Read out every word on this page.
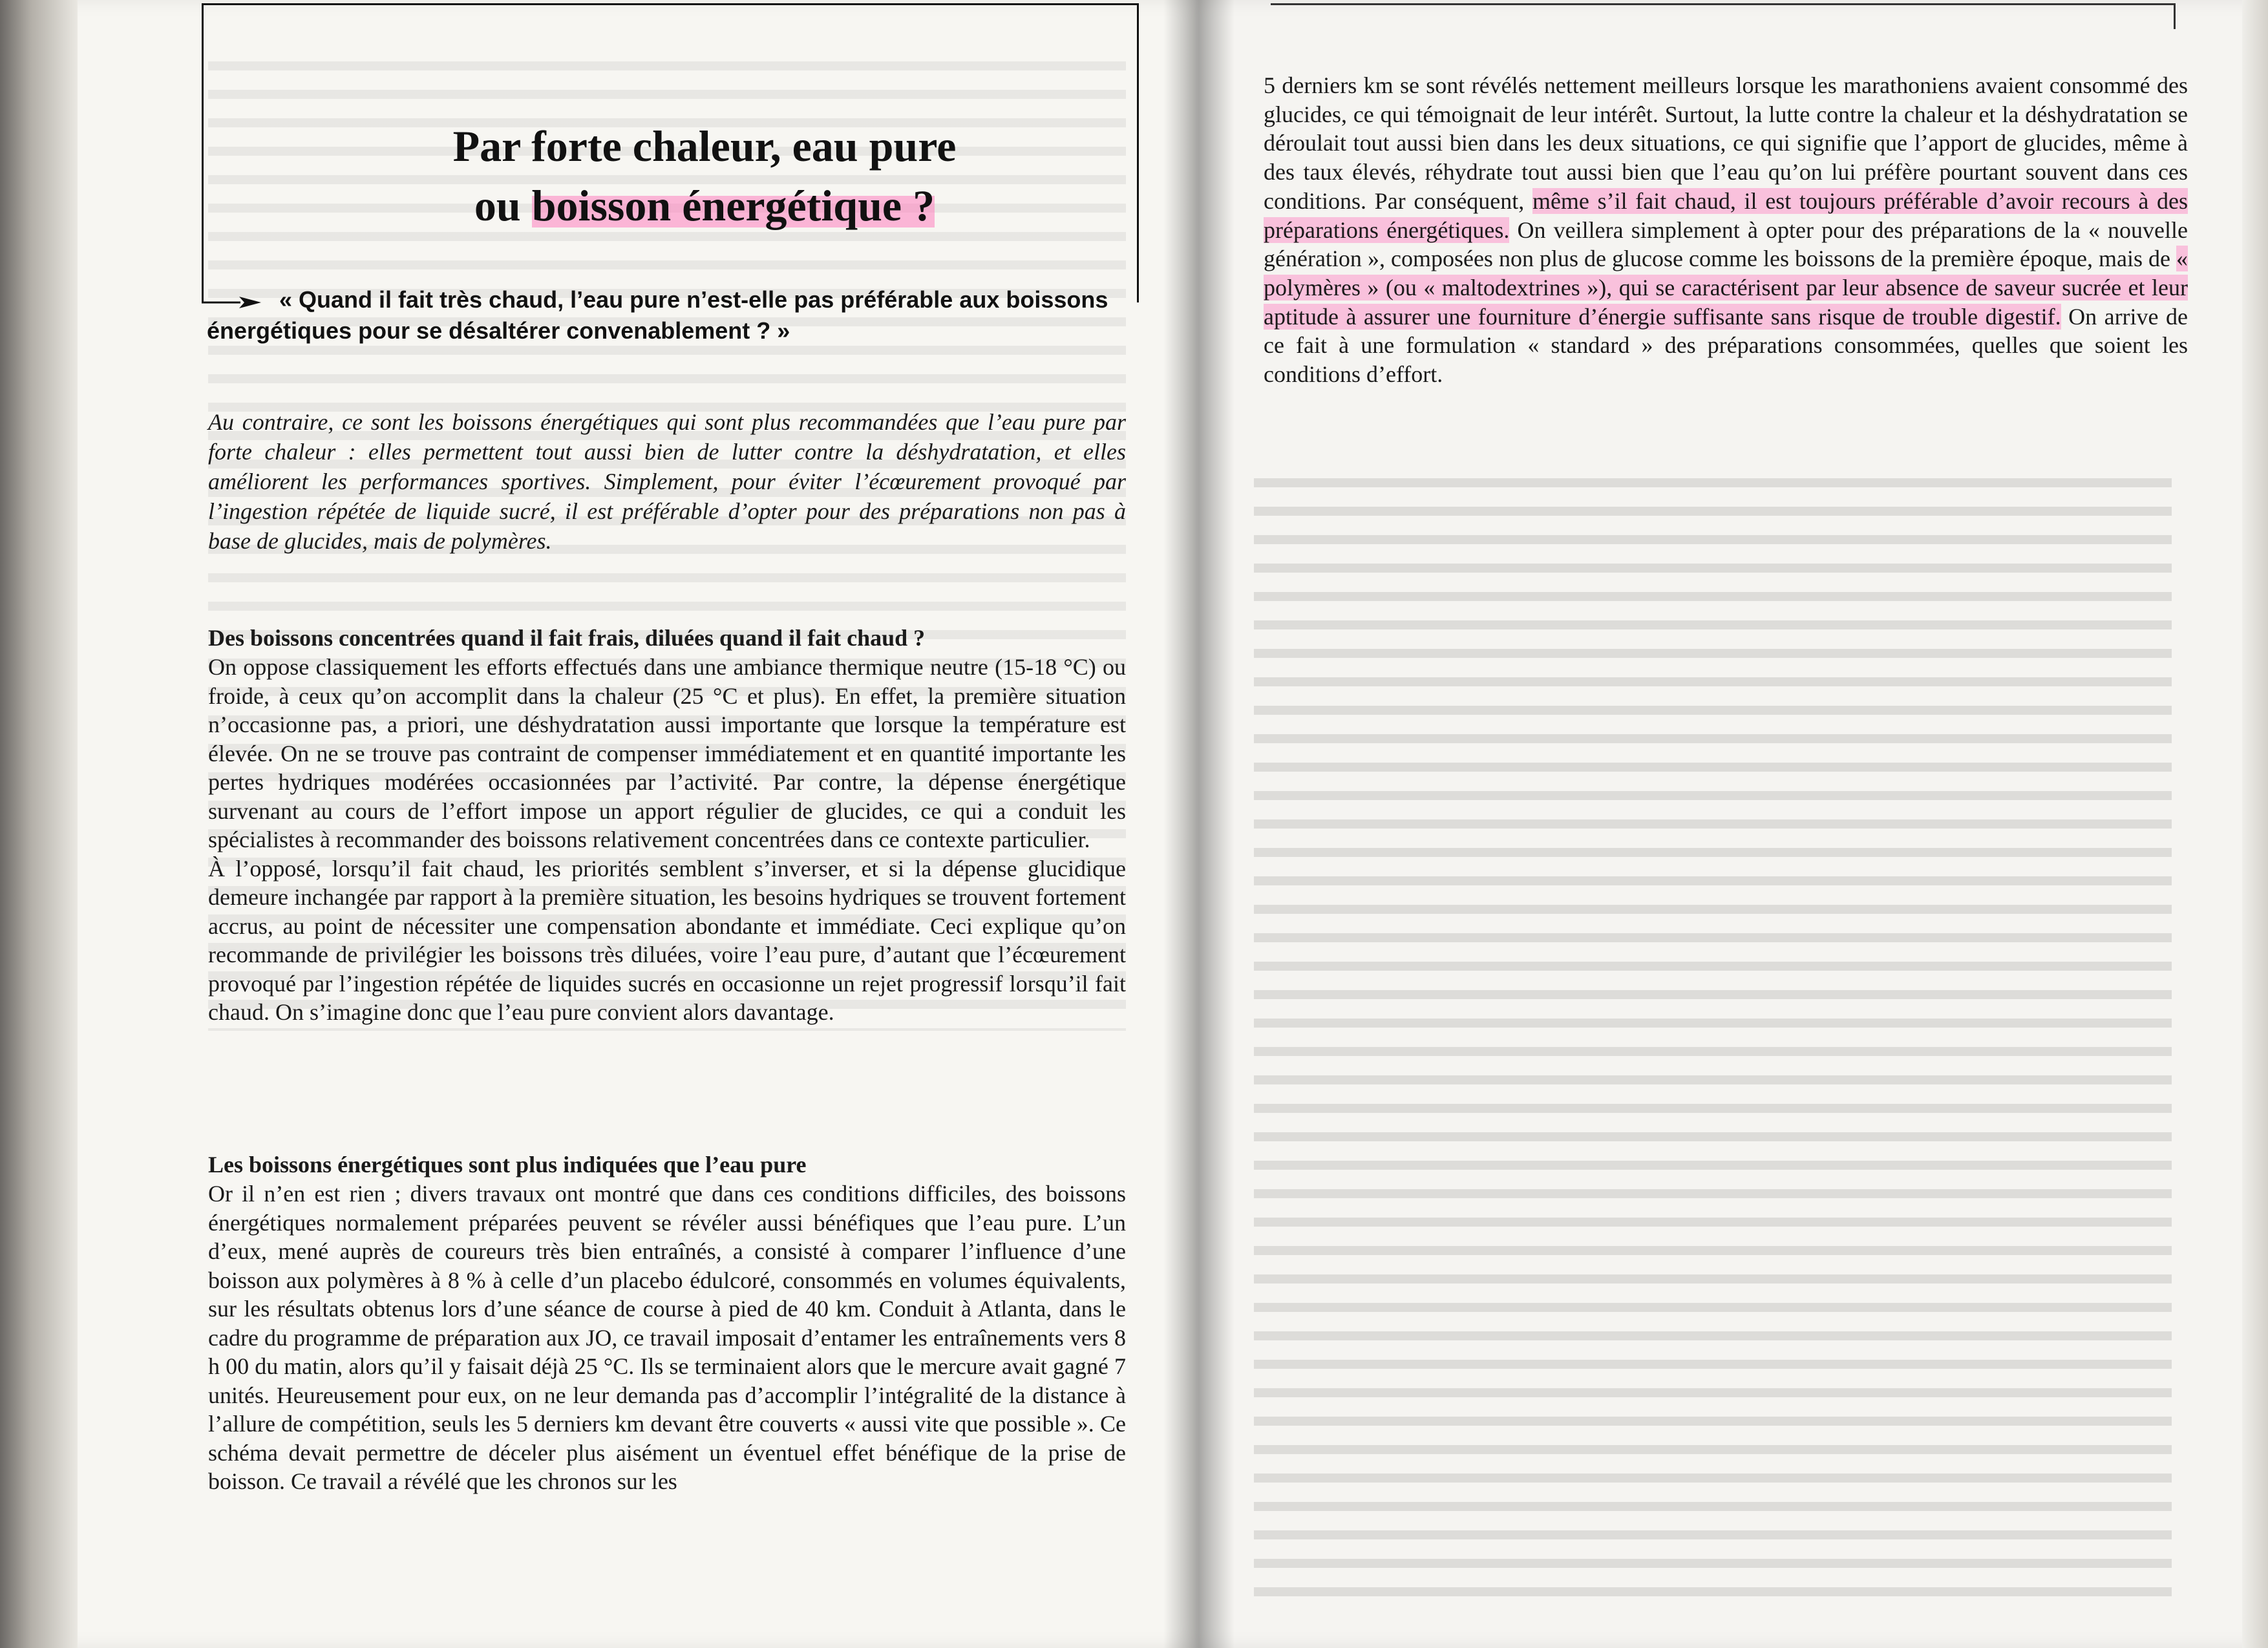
Par forte chaleur, eau pure
ou boisson énergétique ?
« Quand il fait très chaud, l’eau pure n’est-elle pas préférable aux boissons énergétiques pour se désaltérer convenablement ? »
Au contraire, ce sont les boissons énergétiques qui sont plus recommandées que l’eau pure par forte chaleur : elles permettent tout aussi bien de lutter contre la déshydratation, et elles améliorent les performances sportives. Simplement, pour éviter l’écœurement provoqué par l’ingestion répétée de liquide sucré, il est préférable d’opter pour des préparations non pas à base de glucides, mais de polymères.
Des boissons concentrées quand il fait frais, diluées quand il fait chaud ?

On oppose classiquement les efforts effectués dans une ambiance thermique neutre (15-18 °C) ou froide, à ceux qu’on accomplit dans la chaleur (25 °C et plus). En effet, la première situation n’occasionne pas, a priori, une déshydratation aussi importante que lorsque la température est élevée. On ne se trouve pas contraint de compenser immédiatement et en quantité importante les pertes hydriques modérées occasionnées par l’activité. Par contre, la dépense énergétique survenant au cours de l’effort impose un apport régulier de glucides, ce qui a conduit les spécialistes à recommander des boissons relativement concentrées dans ce contexte particulier.

À l’opposé, lorsqu’il fait chaud, les priorités semblent s’inverser, et si la dépense glucidique demeure inchangée par rapport à la première situation, les besoins hydriques se trouvent fortement accrus, au point de nécessiter une compensation abondante et immédiate. Ceci explique qu’on recommande de privilégier les boissons très diluées, voire l’eau pure, d’autant que l’écœurement provoqué par l’ingestion répétée de liquides sucrés en occasionne un rejet progressif lorsqu’il fait chaud. On s’imagine donc que l’eau pure convient alors davantage.

Les boissons énergétiques sont plus indiquées que l’eau pure

Or il n’en est rien ; divers travaux ont montré que dans ces conditions difficiles, des boissons énergétiques normalement préparées peuvent se révéler aussi bénéfiques que l’eau pure. L’un d’eux, mené auprès de coureurs très bien entraînés, a consisté à comparer l’influence d’une boisson aux polymères à 8 % à celle d’un placebo édulcoré, consommés en volumes équivalents, sur les résultats obtenus lors d’une séance de course à pied de 40 km. Conduit à Atlanta, dans le cadre du programme de préparation aux JO, ce travail imposait d’entamer les entraînements vers 8 h 00 du matin, alors qu’il y faisait déjà 25 °C. Ils se terminaient alors que le mercure avait gagné 7 unités. Heureusement pour eux, on ne leur demanda pas d’accomplir l’intégralité de la distance à l’allure de compétition, seuls les 5 derniers km devant être couverts « aussi vite que possible ». Ce schéma devait permettre de déceler plus aisément un éventuel effet bénéfique de la prise de boisson. Ce travail a révélé que les chronos sur les

5 derniers km se sont révélés nettement meilleurs lorsque les marathoniens avaient consommé des glucides, ce qui témoignait de leur intérêt. Surtout, la lutte contre la chaleur et la déshydratation se déroulait tout aussi bien dans les deux situations, ce qui signifie que l’apport de glucides, même à des taux élevés, réhydrate tout aussi bien que l’eau qu’on lui préfère pourtant souvent dans ces conditions. Par conséquent, même s’il fait chaud, il est toujours préférable d’avoir recours à des préparations énergétiques. On veillera simplement à opter pour des préparations de la « nouvelle génération », composées non plus de glucose comme les boissons de la première époque, mais de « polymères » (ou « maltodextrines »), qui se caractérisent par leur absence de saveur sucrée et leur aptitude à assurer une fourniture d’énergie suffisante sans risque de trouble digestif. On arrive de ce fait à une formulation « standard » des préparations consommées, quelles que soient les conditions d’effort.
